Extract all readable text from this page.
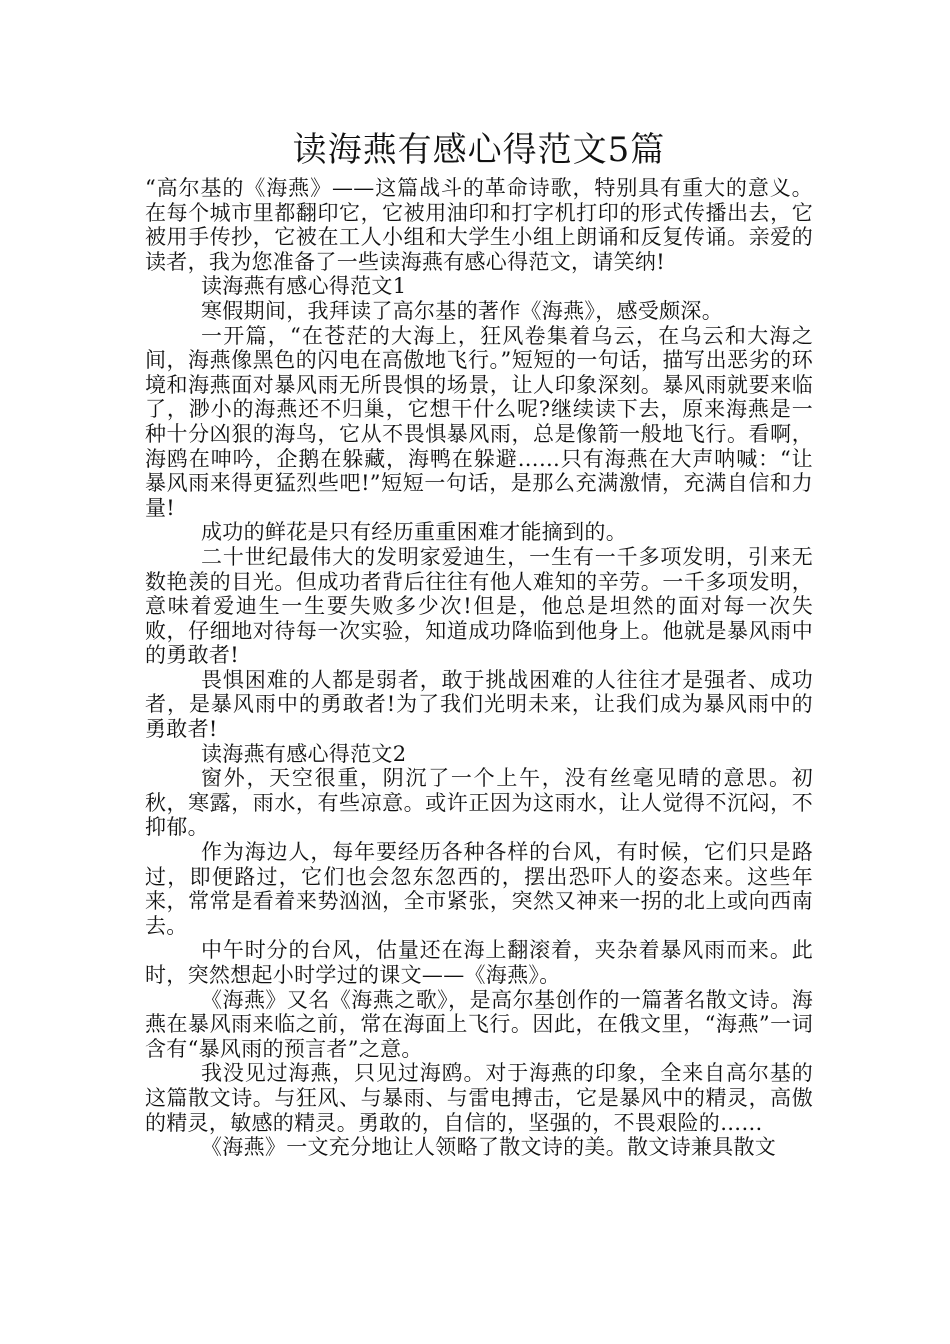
读海燕有感心得范文5篇

“高尔基的《海燕》——这篇战斗的革命诗歌，特别具有重大的意义。在每个城市里都翻印它，它被用油印和打字机打印的形式传播出去，它被用手传抄，它被在工人小组和大学生小组上朗诵和反复传诵。亲爱的读者，我为您准备了一些读海燕有感心得范文，请笑纳!

读海燕有感心得范文1

寒假期间，我拜读了高尔基的著作《海燕》，感受颇深。

一开篇，“在苍茫的大海上，狂风卷集着乌云，在乌云和大海之间，海燕像黑色的闪电在高傲地飞行。”短短的一句话，描写出恶劣的环境和海燕面对暴风雨无所畏惧的场景，让人印象深刻。暴风雨就要来临了，渺小的海燕还不归巢，它想干什么呢?继续读下去，原来海燕是一种十分凶狠的海鸟，它从不畏惧暴风雨，总是像箭一般地飞行。看啊，海鸥在呻吟，企鹅在躲藏，海鸭在躲避……只有海燕在大声呐喊：“让暴风雨来得更猛烈些吧!”短短一句话，是那么充满激情，充满自信和力量!

成功的鲜花是只有经历重重困难才能摘到的。

二十世纪最伟大的发明家爱迪生，一生有一千多项发明，引来无数艳羡的目光。但成功者背后往往有他人难知的辛劳。一千多项发明，意味着爱迪生一生要失败多少次!但是，他总是坦然的面对每一次失败，仔细地对待每一次实验，知道成功降临到他身上。他就是暴风雨中的勇敢者!

畏惧困难的人都是弱者，敢于挑战困难的人往往才是强者、成功者，是暴风雨中的勇敢者!为了我们光明未来，让我们成为暴风雨中的勇敢者!

读海燕有感心得范文2

窗外，天空很重，阴沉了一个上午，没有丝毫见晴的意思。初秋，寒露，雨水，有些凉意。或许正因为这雨水，让人觉得不沉闷，不抑郁。

作为海边人，每年要经历各种各样的台风，有时候，它们只是路过，即便路过，它们也会忽东忽西的，摆出恐吓人的姿态来。这些年来，常常是看着来势汹汹，全市紧张，突然又神来一拐的北上或向西南去。

中午时分的台风，估量还在海上翻滚着，夹杂着暴风雨而来。此时，突然想起小时学过的课文——《海燕》。

《海燕》又名《海燕之歌》，是高尔基创作的一篇著名散文诗。海燕在暴风雨来临之前，常在海面上飞行。因此，在俄文里，“海燕”一词含有“暴风雨的预言者”之意。

我没见过海燕，只见过海鸥。对于海燕的印象，全来自高尔基的这篇散文诗。与狂风、与暴雨、与雷电搏击，它是暴风中的精灵，高傲的精灵，敏感的精灵。勇敢的，自信的，坚强的，不畏艰险的……

《海燕》一文充分地让人领略了散文诗的美。散文诗兼具散文
